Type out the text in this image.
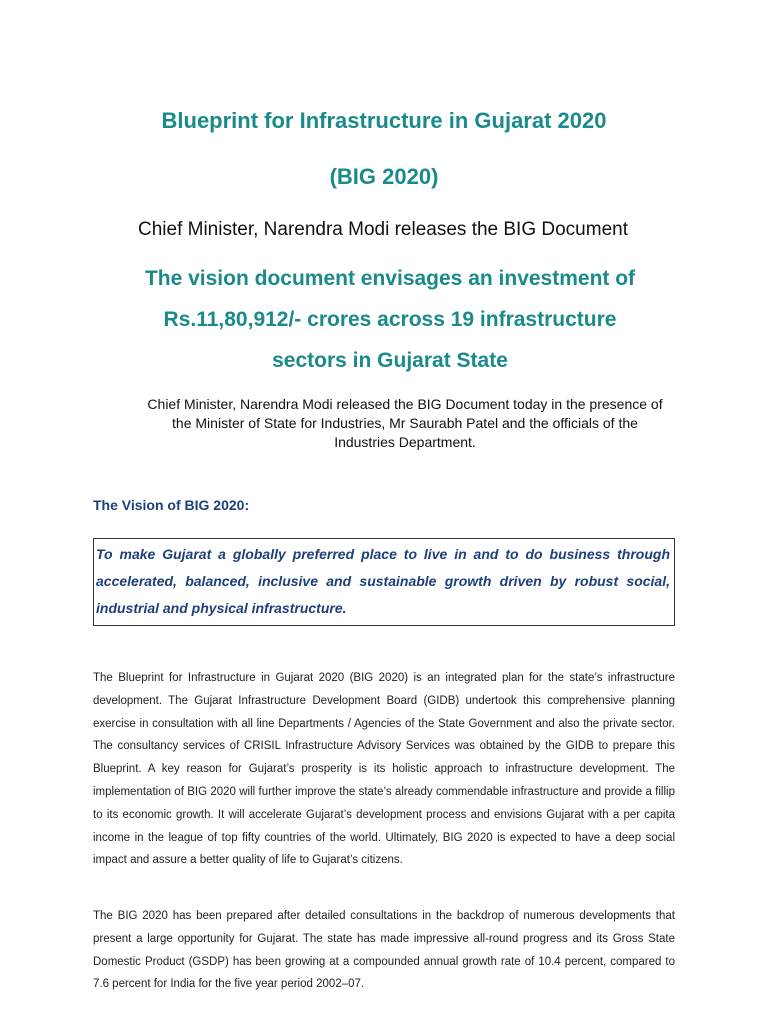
Blueprint for Infrastructure in Gujarat 2020
(BIG 2020)

Chief Minister, Narendra Modi releases the BIG Document

The vision document envisages an investment of
Rs.11,80,912/- crores across 19 infrastructure
sectors in Gujarat State

Chief Minister, Narendra Modi released the BIG Document today in the presence of the Minister of State for Industries, Mr Saurabh Patel and the officials of the Industries Department.

The Vision of BIG 2020:
To make Gujarat a globally preferred place to live in and to do business through accelerated, balanced, inclusive and sustainable growth driven by robust social, industrial and physical infrastructure.

The Blueprint for Infrastructure in Gujarat 2020 (BIG 2020) is an integrated plan for the state’s infrastructure development. The Gujarat Infrastructure Development Board (GIDB) undertook this comprehensive planning exercise in consultation with all line Departments / Agencies of the State Government and also the private sector. The consultancy services of CRISIL Infrastructure Advisory Services was obtained by the GIDB to prepare this Blueprint. A key reason for Gujarat’s prosperity is its holistic approach to infrastructure development. The implementation of BIG 2020 will further improve the state’s already commendable infrastructure and provide a fillip to its economic growth. It will accelerate Gujarat’s development process and envisions Gujarat with a per capita income in the league of top fifty countries of the world. Ultimately, BIG 2020 is expected to have a deep social impact and assure a better quality of life to Gujarat’s citizens.

The BIG 2020 has been prepared after detailed consultations in the backdrop of numerous developments that present a large opportunity for Gujarat. The state has made impressive all-round progress and its Gross State Domestic Product (GSDP) has been growing at a compounded annual growth rate of 10.4 percent, compared to 7.6 percent for India for the five year period 2002–07.
